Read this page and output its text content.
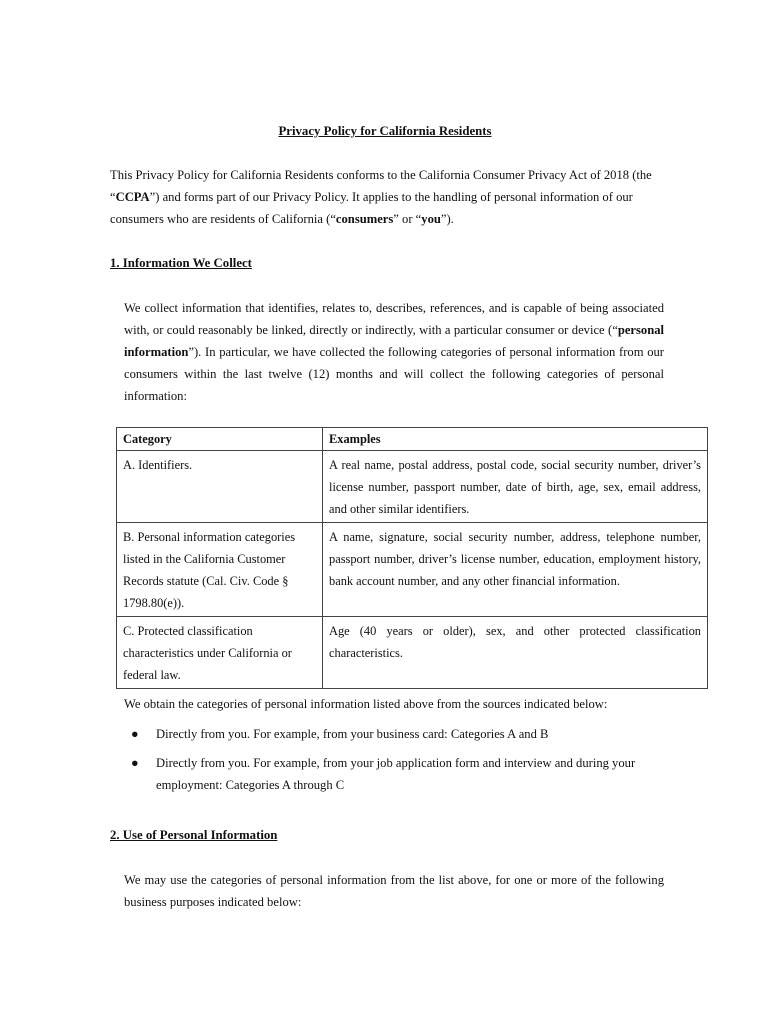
Privacy Policy for California Residents
This Privacy Policy for California Residents conforms to the California Consumer Privacy Act of 2018 (the “CCPA”) and forms part of our Privacy Policy. It applies to the handling of personal information of our consumers who are residents of California (“consumers” or “you”).
1. Information We Collect
We collect information that identifies, relates to, describes, references, and is capable of being associated with, or could reasonably be linked, directly or indirectly, with a particular consumer or device (“personal information”). In particular, we have collected the following categories of personal information from our consumers within the last twelve (12) months and will collect the following categories of personal information:
Category	Examples
A. Identifiers.	A real name, postal address, postal code, social security number, driver’s license number, passport number, date of birth, age, sex, email address, and other similar identifiers.
B. Personal information categories listed in the California Customer Records statute (Cal. Civ. Code § 1798.80(e)).	A name, signature, social security number, address, telephone number, passport number, driver’s license number, education, employment history, bank account number, and any other financial information.
C. Protected classification characteristics under California or federal law.	Age (40 years or older), sex, and other protected classification characteristics.
We obtain the categories of personal information listed above from the sources indicated below:
● Directly from you. For example, from your business card: Categories A and B
● Directly from you. For example, from your job application form and interview and during your employment: Categories A through C
2. Use of Personal Information
We may use the categories of personal information from the list above, for one or more of the following business purposes indicated below:
